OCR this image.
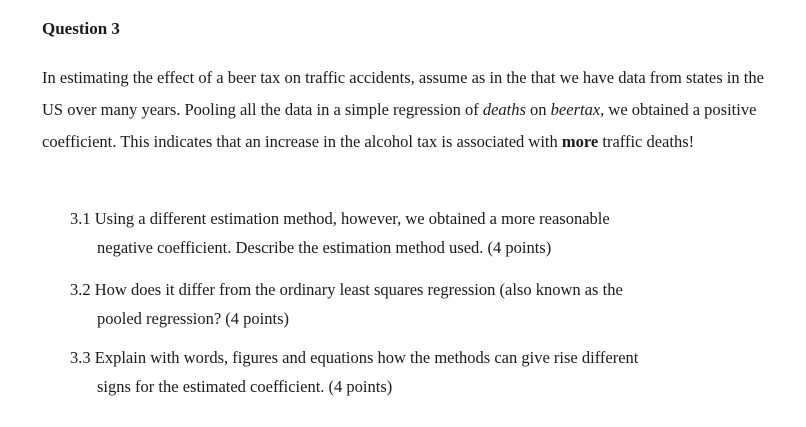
Question 3
In estimating the effect of a beer tax on traffic accidents, assume as in the that we have data from states in the US over many years. Pooling all the data in a simple regression of deaths on beertax, we obtained a positive coefficient. This indicates that an increase in the alcohol tax is associated with more traffic deaths!
3.1 Using a different estimation method, however, we obtained a more reasonable
negative coefficient. Describe the estimation method used. (4 points)
3.2 How does it differ from the ordinary least squares regression (also known as the
pooled regression? (4 points)
3.3 Explain with words, figures and equations how the methods can give rise different
signs for the estimated coefficient. (4 points)
